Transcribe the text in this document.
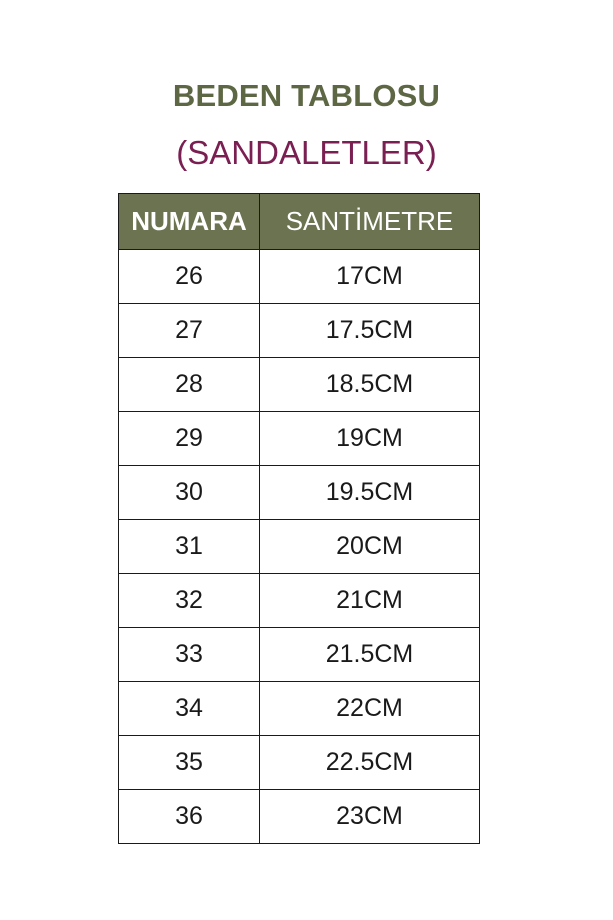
BEDEN TABLOSU
(SANDALETLER)
NUMARA	SANTİMETRE
26	17CM
27	17.5CM
28	18.5CM
29	19CM
30	19.5CM
31	20CM
32	21CM
33	21.5CM
34	22CM
35	22.5CM
36	23CM
